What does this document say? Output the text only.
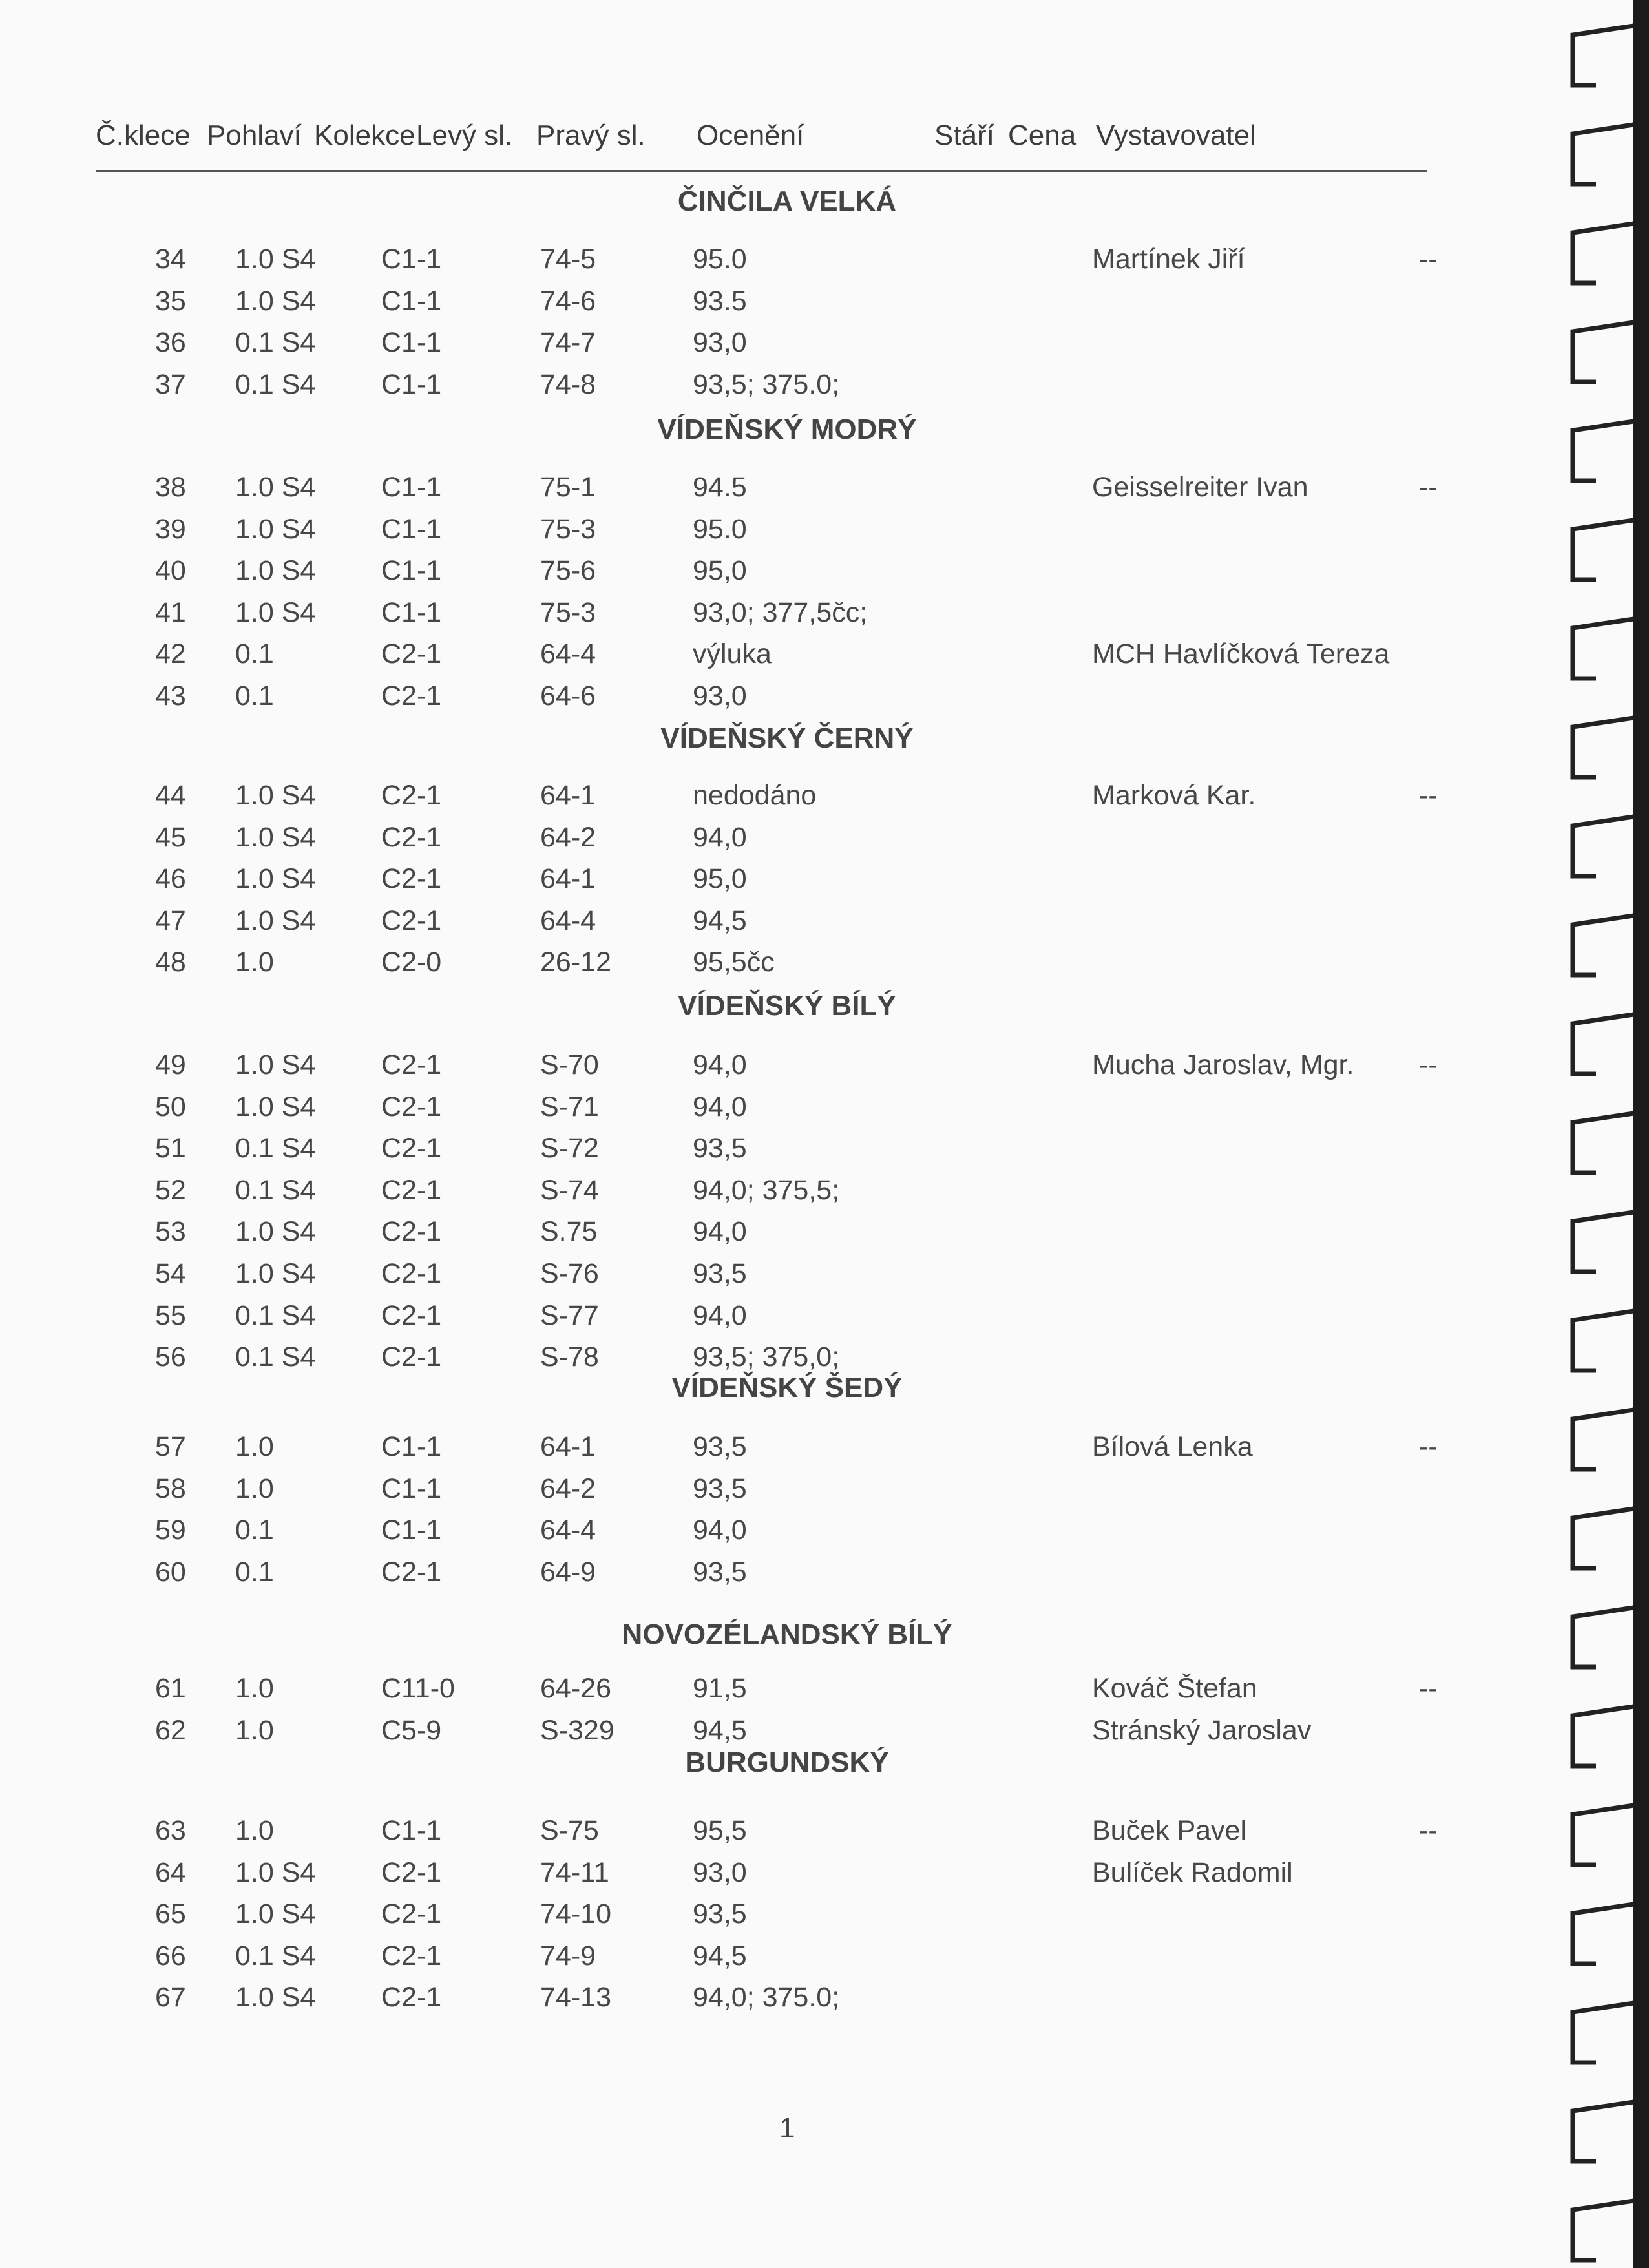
Č.klece Pohlaví Kolekce Levý sl. Pravý sl. Ocenění	Stáří Cena Vystavovatel
ČINČILA VELKÁ
34 1.0 S4 C1-1	74-5	95.0	Martínek Jiří	--
35 1.0 S4 C1-1	74-6	93.5
36 0.1 S4 C1-1	74-7	93,0
37 0.1 S4 C1-1	74-8	93,5; 375.0;
VÍDEŇSKÝ MODRÝ
38 1.0 S4 C1-1	75-1	94.5	Geisselreiter Ivan	--
39 1.0 S4 C1-1	75-3	95.0
40 1.0 S4 C1-1	75-6	95,0
41 1.0 S4 C1-1	75-3	93,0; 377,5čc;
42 0.1	C2-1	64-4	výluka	MCH Havlíčková Tereza
43 0.1	C2-1	64-6	93,0
VÍDEŇSKÝ ČERNÝ
44 1.0 S4 C2-1	64-1	nedodáno	Marková Kar.	--
45 1.0 S4 C2-1	64-2	94,0
46 1.0 S4 C2-1	64-1	95,0
47 1.0 S4 C2-1	64-4	94,5
48 1.0	C2-0	26-12	95,5čc
VÍDEŇSKÝ BÍLÝ
49 1.0 S4 C2-1	S-70	94,0	Mucha Jaroslav, Mgr. --
50 1.0 S4 C2-1	S-71	94,0
51 0.1 S4 C2-1	S-72	93,5
52 0.1 S4 C2-1	S-74	94,0; 375,5;
53 1.0 S4 C2-1	S.75	94,0
54 1.0 S4 C2-1	S-76	93,5
55 0.1 S4 C2-1	S-77	94,0
56 0.1 S4 C2-1	S-78	93,5; 375,0;
VÍDEŇSKÝ ŠEDÝ
57 1.0	C1-1	64-1	93,5	Bílová Lenka	--
58 1.0	C1-1	64-2	93,5
59 0.1	C1-1	64-4	94,0
60 0.1	C2-1	64-9	93,5
NOVOZÉLANDSKÝ BÍLÝ
61 1.0	C11-0	64-26	91,5	Kováč Štefan	--
62 1.0	C5-9	S-329	94,5	Stránský Jaroslav
BURGUNDSKÝ
63 1.0	C1-1	S-75	95,5	Buček Pavel	--
64 1.0 S4 C2-1	74-11	93,0	Bulíček Radomil
65 1.0 S4 C2-1	74-10	93,5
66 0.1 S4 C2-1	74-9	94,5
67 1.0 S4 C2-1	74-13	94,0; 375.0;
1
